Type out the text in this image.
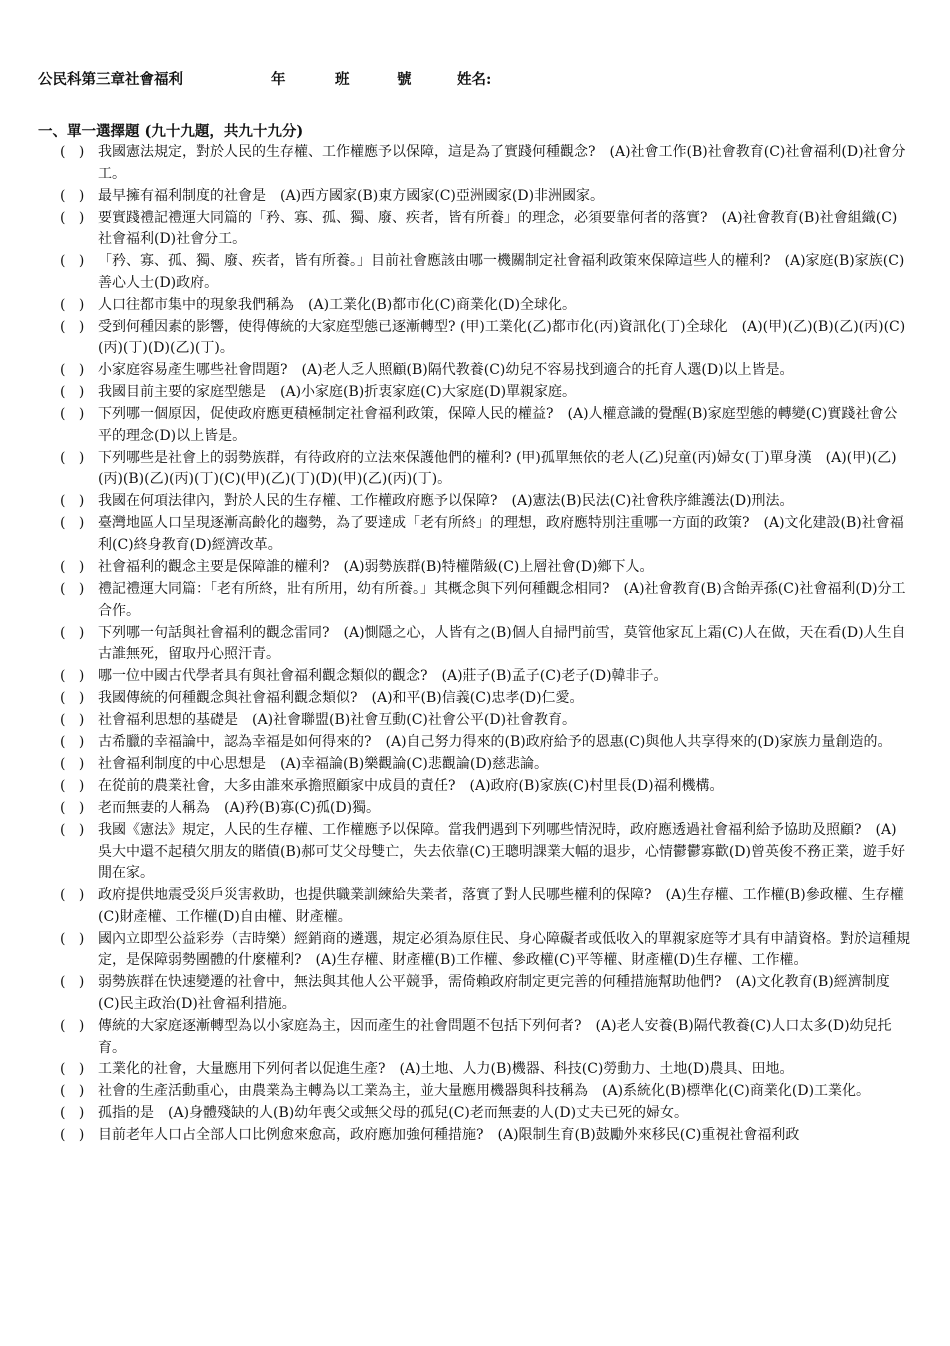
公民科第三章社會福利	年	班	號	姓名:
一、單一選擇題 (九十九題，共九十九分)
(   ) 我國憲法規定，對於人民的生存權、工作權應予以保障，這是為了實踐何種觀念?　(A)社會工作(B)社會教育(C)社會福利(D)社會分工。
(   ) 最早擁有福利制度的社會是　(A)西方國家(B)東方國家(C)亞洲國家(D)非洲國家。
(   ) 要實踐禮記禮運大同篇的「矜、寡、孤、獨、廢、疾者，皆有所養」的理念，必須要靠何者的落實?　(A)社會教育(B)社會組織(C)社會福利(D)社會分工。
(   ) 「矜、寡、孤、獨、廢、疾者，皆有所養。」目前社會應該由哪一機關制定社會福利政策來保障這些人的權利?　(A)家庭(B)家族(C)善心人士(D)政府。
(   ) 人口往都市集中的現象我們稱為　(A)工業化(B)都市化(C)商業化(D)全球化。
(   ) 受到何種因素的影響，使得傳統的大家庭型態已逐漸轉型? (甲)工業化(乙)都市化(丙)資訊化(丁)全球化　(A)(甲)(乙)(B)(乙)(丙)(C)(丙)(丁)(D)(乙)(丁)。
(   ) 小家庭容易產生哪些社會問題?　(A)老人乏人照顧(B)隔代教養(C)幼兒不容易找到適合的托育人選(D)以上皆是。
(   ) 我國目前主要的家庭型態是　(A)小家庭(B)折衷家庭(C)大家庭(D)單親家庭。
(   ) 下列哪一個原因，促使政府應更積極制定社會福利政策，保障人民的權益?　(A)人權意識的覺醒(B)家庭型態的轉變(C)實踐社會公平的理念(D)以上皆是。
(   ) 下列哪些是社會上的弱勢族群，有待政府的立法來保護他們的權利? (甲)孤單無依的老人(乙)兒童(丙)婦女(丁)單身漢　(A)(甲)(乙)(丙)(B)(乙)(丙)(丁)(C)(甲)(乙)(丁)(D)(甲)(乙)(丙)(丁)。
(   ) 我國在何項法律內，對於人民的生存權、工作權政府應予以保障?　(A)憲法(B)民法(C)社會秩序維護法(D)刑法。
(   ) 臺灣地區人口呈現逐漸高齡化的趨勢，為了要達成「老有所終」的理想，政府應特別注重哪一方面的政策?　(A)文化建設(B)社會福利(C)終身教育(D)經濟改革。
(   ) 社會福利的觀念主要是保障誰的權利?　(A)弱勢族群(B)特權階級(C)上層社會(D)鄉下人。
(   ) 禮記禮運大同篇：「老有所終，壯有所用，幼有所養。」其概念與下列何種觀念相同?　(A)社會教育(B)含飴弄孫(C)社會福利(D)分工合作。
(   ) 下列哪一句話與社會福利的觀念雷同?　(A)惻隱之心，人皆有之(B)個人自掃門前雪，莫管他家瓦上霜(C)人在做，天在看(D)人生自古誰無死，留取丹心照汗青。
(   ) 哪一位中國古代學者具有與社會福利觀念類似的觀念?　(A)莊子(B)孟子(C)老子(D)韓非子。
(   ) 我國傳統的何種觀念與社會福利觀念類似?　(A)和平(B)信義(C)忠孝(D)仁愛。
(   ) 社會福利思想的基礎是　(A)社會聯盟(B)社會互動(C)社會公平(D)社會教育。
(   ) 古希臘的幸福論中，認為幸福是如何得來的?　(A)自己努力得來的(B)政府給予的恩惠(C)與他人共享得來的(D)家族力量創造的。
(   ) 社會福利制度的中心思想是　(A)幸福論(B)樂觀論(C)悲觀論(D)慈悲論。
(   ) 在從前的農業社會，大多由誰來承擔照顧家中成員的責任?　(A)政府(B)家族(C)村里長(D)福利機構。
(   ) 老而無妻的人稱為　(A)矜(B)寡(C)孤(D)獨。
(   ) 我國《憲法》規定，人民的生存權、工作權應予以保障。當我們遇到下列哪些情況時，政府應透過社會福利給予協助及照顧?　(A)吳大中還不起積欠朋友的賭債(B)郝可艾父母雙亡，失去依靠(C)王聰明課業大幅的退步，心情鬱鬱寡歡(D)曾英俊不務正業，遊手好閒在家。
(   ) 政府提供地震受災戶災害救助，也提供職業訓練給失業者，落實了對人民哪些權利的保障?　(A)生存權、工作權(B)參政權、生存權(C)財產權、工作權(D)自由權、財產權。
(   ) 國內立即型公益彩券（吉時樂）經銷商的遴選，規定必須為原住民、身心障礙者或低收入的單親家庭等才具有申請資格。對於這種規定，是保障弱勢團體的什麼權利?　(A)生存權、財產權(B)工作權、參政權(C)平等權、財產權(D)生存權、工作權。
(   ) 弱勢族群在快速變遷的社會中，無法與其他人公平競爭，需倚賴政府制定更完善的何種措施幫助他們?　(A)文化教育(B)經濟制度(C)民主政治(D)社會福利措施。
(   ) 傳統的大家庭逐漸轉型為以小家庭為主，因而產生的社會問題不包括下列何者?　(A)老人安養(B)隔代教養(C)人口太多(D)幼兒托育。
(   ) 工業化的社會，大量應用下列何者以促進生產?　(A)土地、人力(B)機器、科技(C)勞動力、土地(D)農具、田地。
(   ) 社會的生產活動重心，由農業為主轉為以工業為主，並大量應用機器與科技稱為　(A)系統化(B)標準化(C)商業化(D)工業化。
(   ) 孤指的是　(A)身體殘缺的人(B)幼年喪父或無父母的孤兒(C)老而無妻的人(D)丈夫已死的婦女。
(   ) 目前老年人口占全部人口比例愈來愈高，政府應加強何種措施?　(A)限制生育(B)鼓勵外來移民(C)重視社會福利政
